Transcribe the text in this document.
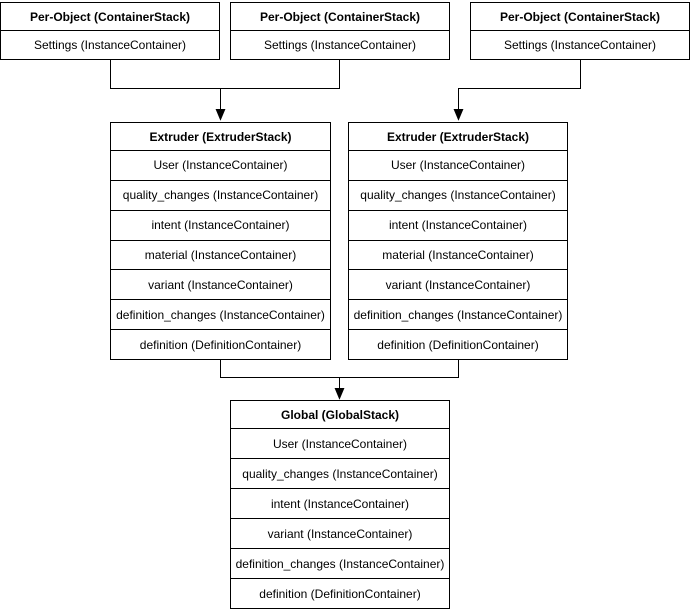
Per-Object (ContainerStack)
Settings (InstanceContainer)
Per-Object (ContainerStack)
Settings (InstanceContainer)
Per-Object (ContainerStack)
Settings (InstanceContainer)
Extruder (ExtruderStack)
User (InstanceContainer)
quality_changes (InstanceContainer)
intent (InstanceContainer)
material (InstanceContainer)
variant (InstanceContainer)
definition_changes (InstanceContainer)
definition (DefinitionContainer)
Extruder (ExtruderStack)
User (InstanceContainer)
quality_changes (InstanceContainer)
intent (InstanceContainer)
material (InstanceContainer)
variant (InstanceContainer)
definition_changes (InstanceContainer)
definition (DefinitionContainer)
Global (GlobalStack)
User (InstanceContainer)
quality_changes (InstanceContainer)
intent (InstanceContainer)
variant (InstanceContainer)
definition_changes (InstanceContainer)
definition (DefinitionContainer)
